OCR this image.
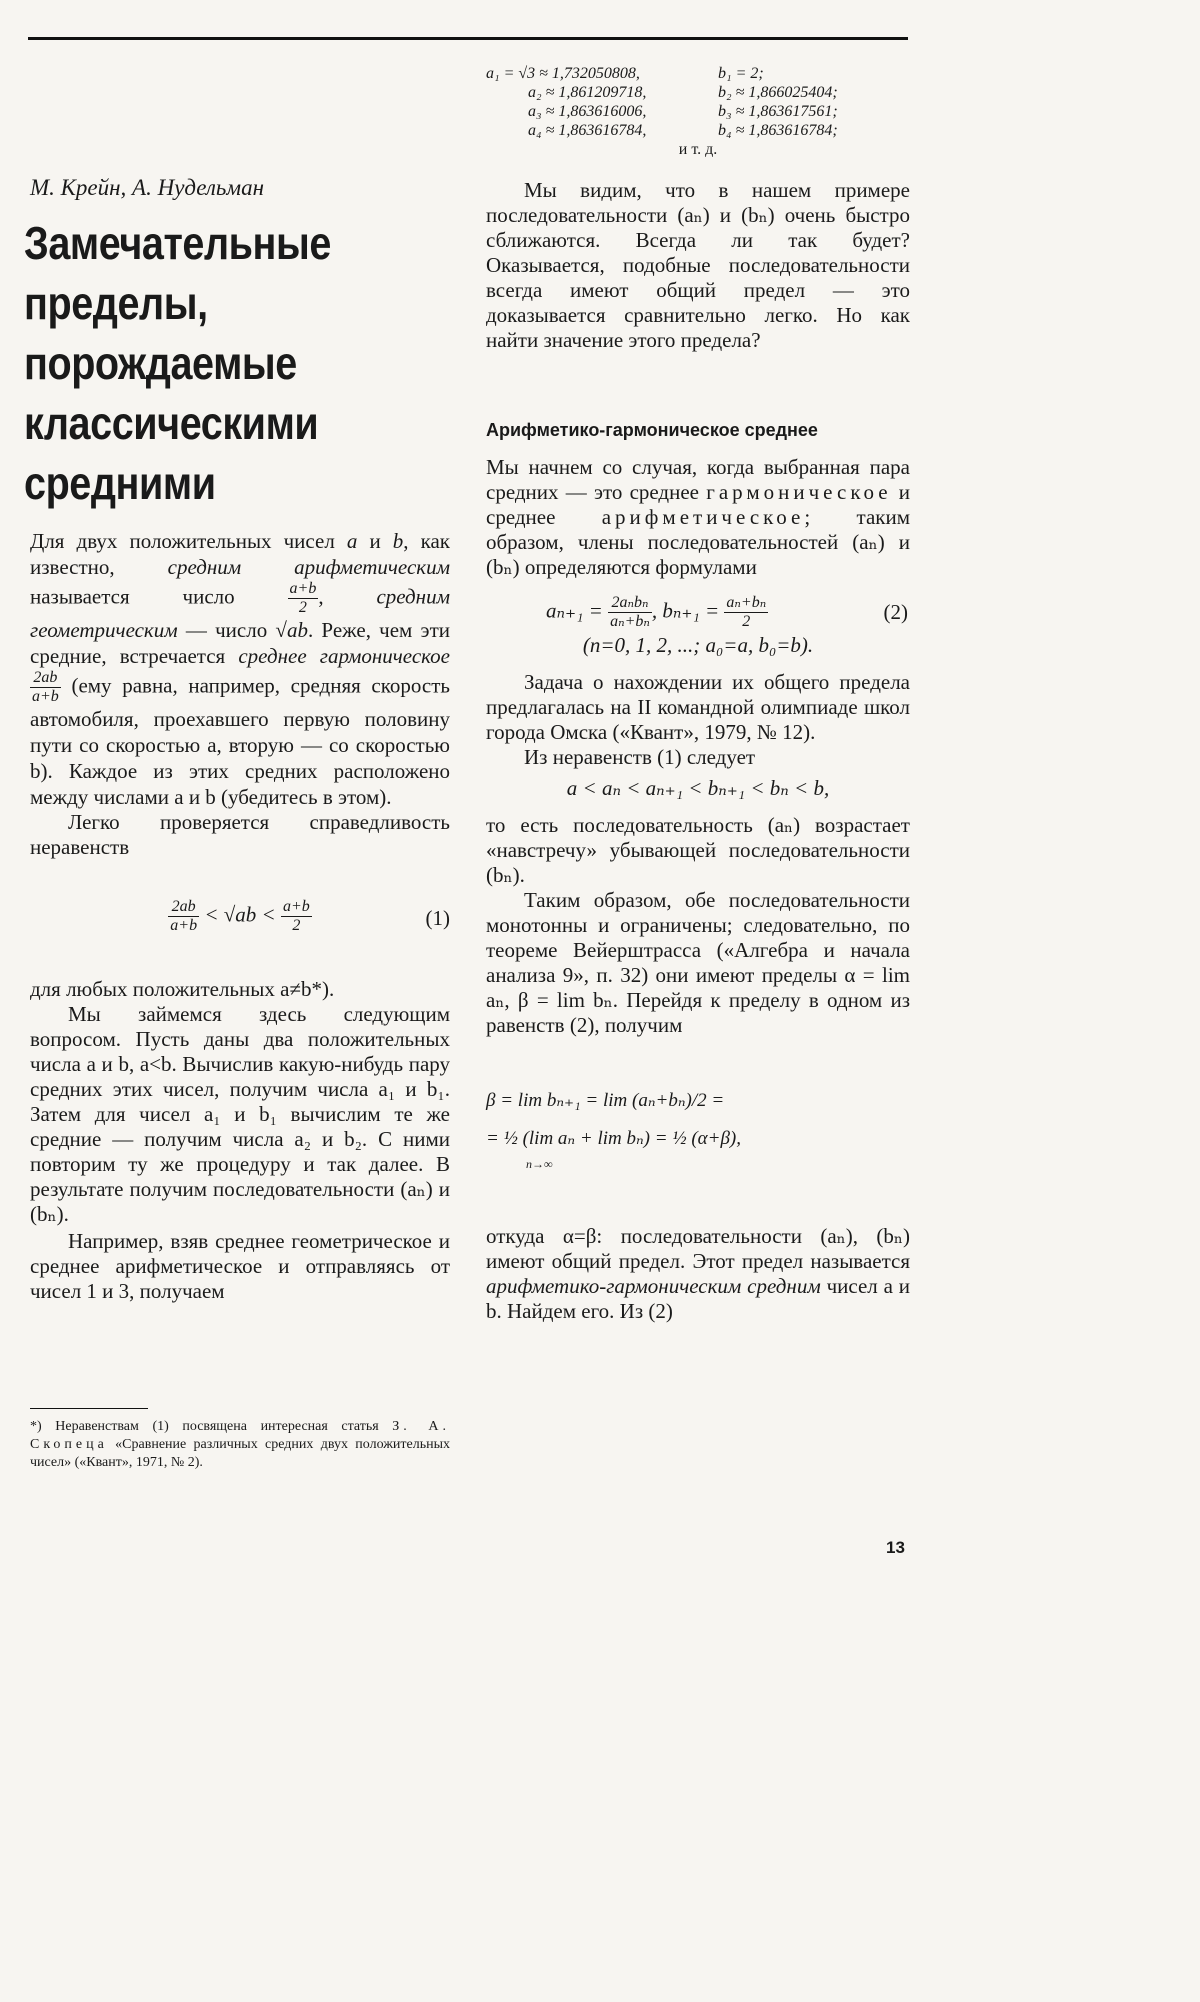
М. Крейн, А. Нудельман
Замечательные
пределы,
порождаемые
классическими
средними

Для двух положительных чисел a и b, как известно, средним арифметическим называется число $\frac{a+b}{2}$ , средним геометрическим — число √ab. Реже, чем эти средние, встречается среднее гармоническое
$\frac{2ab}{a+b} (ему$ равна, например, средняя скорость автомобиля, проехавшего первую половину пути со скоростью a, вторую — со скоростью b). Каждое из этих средних расположено между числами a и b (убедитесь в этом).

Легко проверяется справедливость неравенств

$\frac{2ab}{a+b} < √ab < \frac{a+b}{2}$	(1)

для любых положительных a≠b*).

Мы займемся здесь следующим вопросом. Пусть даны два положительных числа a и b, a<b. Вычислив какую-нибудь пару средних этих чисел, получим числа a₁ и b₁. Затем для чисел a₁ и b₁ вычислим те же средние — получим числа a₂ и b₂. С ними повторим ту же процедуру и так далее. В результате получим последовательности (aₙ) и (bₙ).

Например, взяв среднее геометрическое и среднее арифметическое и отправляясь от чисел 1 и 3, получаем

*) Неравенствам (1) посвящена интересная статья З. А. Скопеца «Сравнение различных средних двух положительных чисел» («Квант», 1971, № 2).
a₁ = √3 ≈ 1,732050808,	b₁ = 2;
a₂ ≈ 1,861209718,	b₂ ≈ 1,866025404;
a₃ ≈ 1,863616006,	b₃ ≈ 1,863617561;
a₄ ≈ 1,863616784,	b₄ ≈ 1,863616784;
и т. д.

Мы видим, что в нашем примере последовательности (aₙ) и (bₙ) очень быстро сближаются. Всегда ли так будет? Оказывается, подобные последовательности всегда имеют общий предел — это доказывается сравнительно легко. Но как найти значение этого предела?

Арифметико-гармоническое среднее

Мы начнем со случая, когда выбранная пара средних — это среднее гармоническое и среднее арифметическое; таким образом, члены последовательностей (aₙ) и (bₙ) определяются формулами

$a_{n+1} = \frac{\text{2aₙbₙ}}{\text{aₙ+bₙ}}$ , $b_{n+1} = \frac{\text{aₙ+bₙ}}{2}$	(2)
(n=0, 1, 2, ...; a₀=a, b₀=b).

Задача о нахождении их общего предела предлагалась на II командной олимпиаде школ города Омска («Квант», 1979, № 12).

Из неравенств (1) следует

a < aₙ < aₙ₊₁ < bₙ₊₁ < bₙ < b,

то есть последовательность (aₙ) возрастает «навстречу» убывающей последовательности (bₙ).

Таким образом, обе последовательности монотонны и ограничены; следовательно, по теореме Вейерштрасса («Алгебра и начала анализа 9», п. 32) они имеют пределы α = lim aₙ, β = lim bₙ. Перейдя к пределу в одном из равенств (2), получим

β = lim bₙ₊₁ = lim (aₙ+bₙ)/2 =
= ½ (lim aₙ + lim bₙ) = ½ (α+β),
n→∞

откуда α=β: последовательности (aₙ), (bₙ) имеют общий предел. Этот предел называется арифметико-гармоническим средним чисел a и b. Найдем его. Из (2)

13
